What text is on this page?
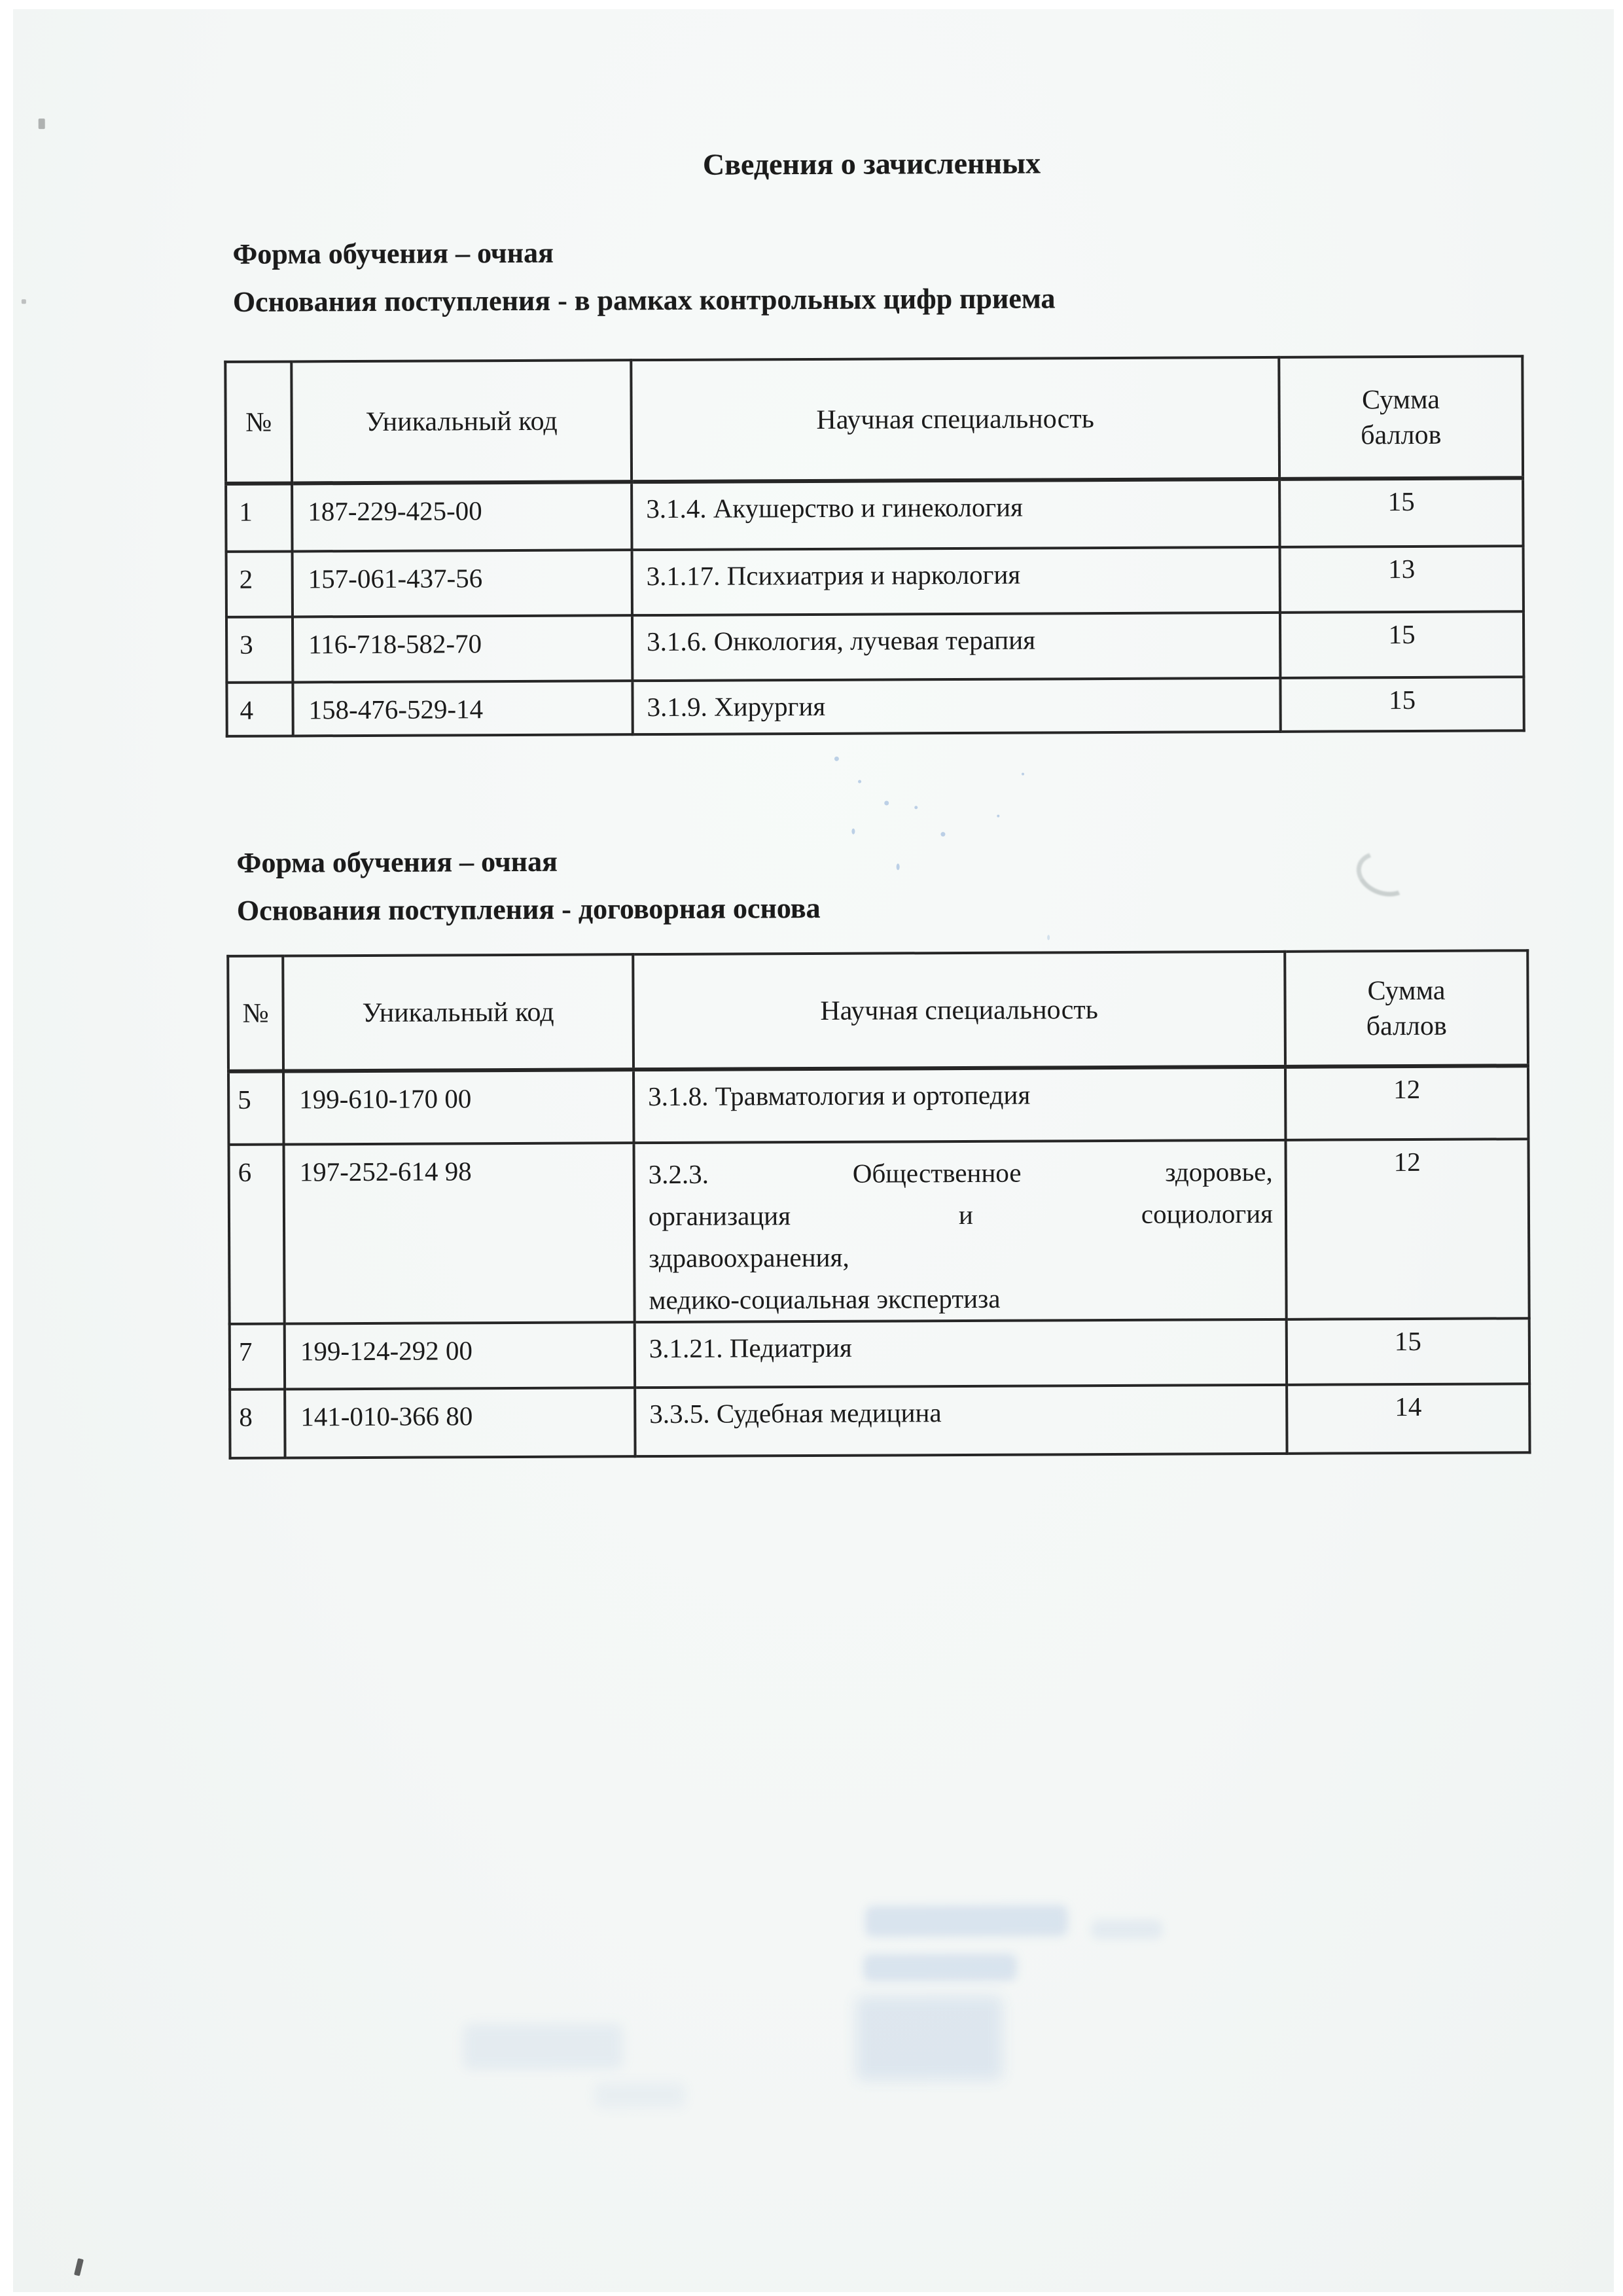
Сведения о зачисленных
Форма обучения – очная
Основания поступления - в рамках контрольных цифр приема
№	Уникальный код	Научная специальность	Сумма
баллов

1	187-229-425-00	3.1.4. Акушерство и гинекология	15
2	157-061-437-56	3.1.17. Психиатрия и наркология	13
3	116-718-582-70	3.1.6. Онкология, лучевая терапия	15
4	158-476-529-14	3.1.9. Хирургия	15
Форма обучения – очная
Основания поступления - договорная основа
№	Уникальный код	Научная специальность	Сумма
баллов

5	199-610-170 00	3.1.8. Травматология и ортопедия	12
6	197-252-614 98	3.2.3. Общественное здоровье,
организация и социология
здравоохранения,
медико-социальная экспертиза	12
7	199-124-292 00	3.1.21. Педиатрия	15
8	141-010-366 80	3.3.5. Судебная медицина	14
